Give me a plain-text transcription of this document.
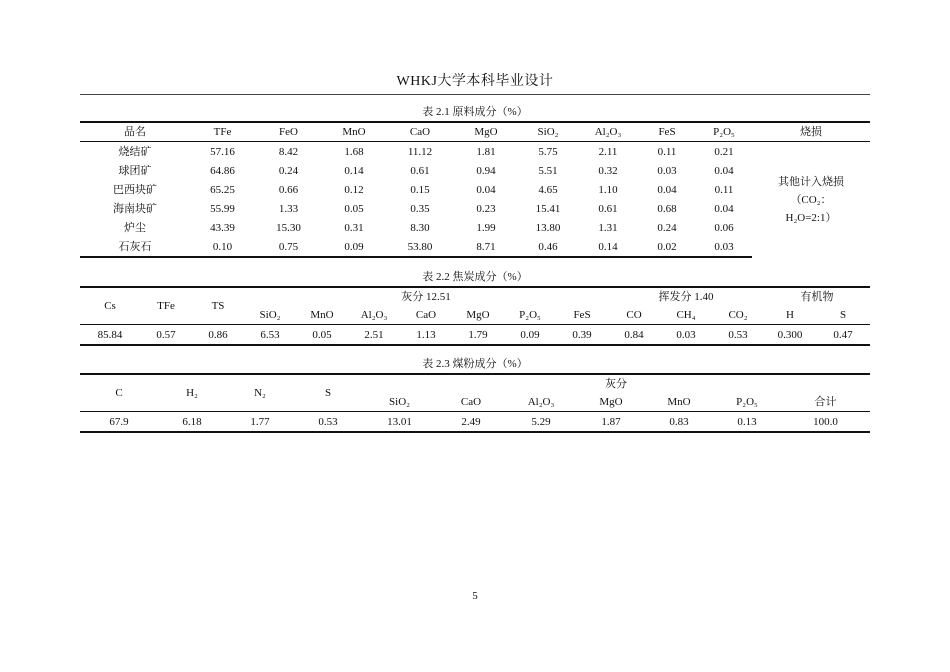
WHKJ大学本科毕业设计
表 2.1 原料成分（%）
品名	TFe	FeO	MnO	CaO	MgO	SiO₂	Al₂O₃	FeS	P₂O₅	烧损
烧结矿	57.16	8.42	1.68	11.12	1.81	5.75	2.11	0.11	0.21	其他计入烧损
（CO₂：
H₂O=2:1）
球团矿	64.86	0.24	0.14	0.61	0.94	5.51	0.32	0.03	0.04	
巴西块矿	65.25	0.66	0.12	0.15	0.04	4.65	1.10	0.04	0.11	
海南块矿	55.99	1.33	0.05	0.35	0.23	15.41	0.61	0.68	0.04	
炉尘	43.39	15.30	0.31	8.30	1.99	13.80	1.31	0.24	0.06	
石灰石	0.10	0.75	0.09	53.80	8.71	0.46	0.14	0.02	0.03	
表 2.2 焦炭成分（%）
Cs	TFe	TS	灰分 12.51							挥发分 1.40			有机物	
			SiO₂	MnO	Al₂O₃	CaO	MgO	P₂O₅	FeS	CO	CH₄	CO₂	H	S
85.84	0.57	0.86	6.53	0.05	2.51	1.13	1.79	0.09	0.39	0.84	0.03	0.53	0.300	0.47
表 2.3 煤粉成分（%）
C	H₂	N₂	S	灰分						
				SiO₂	CaO	Al₂O₃	MgO	MnO	P₂O₅	合计
67.9	6.18	1.77	0.53	13.01	2.49	5.29	1.87	0.83	0.13	100.0
5
